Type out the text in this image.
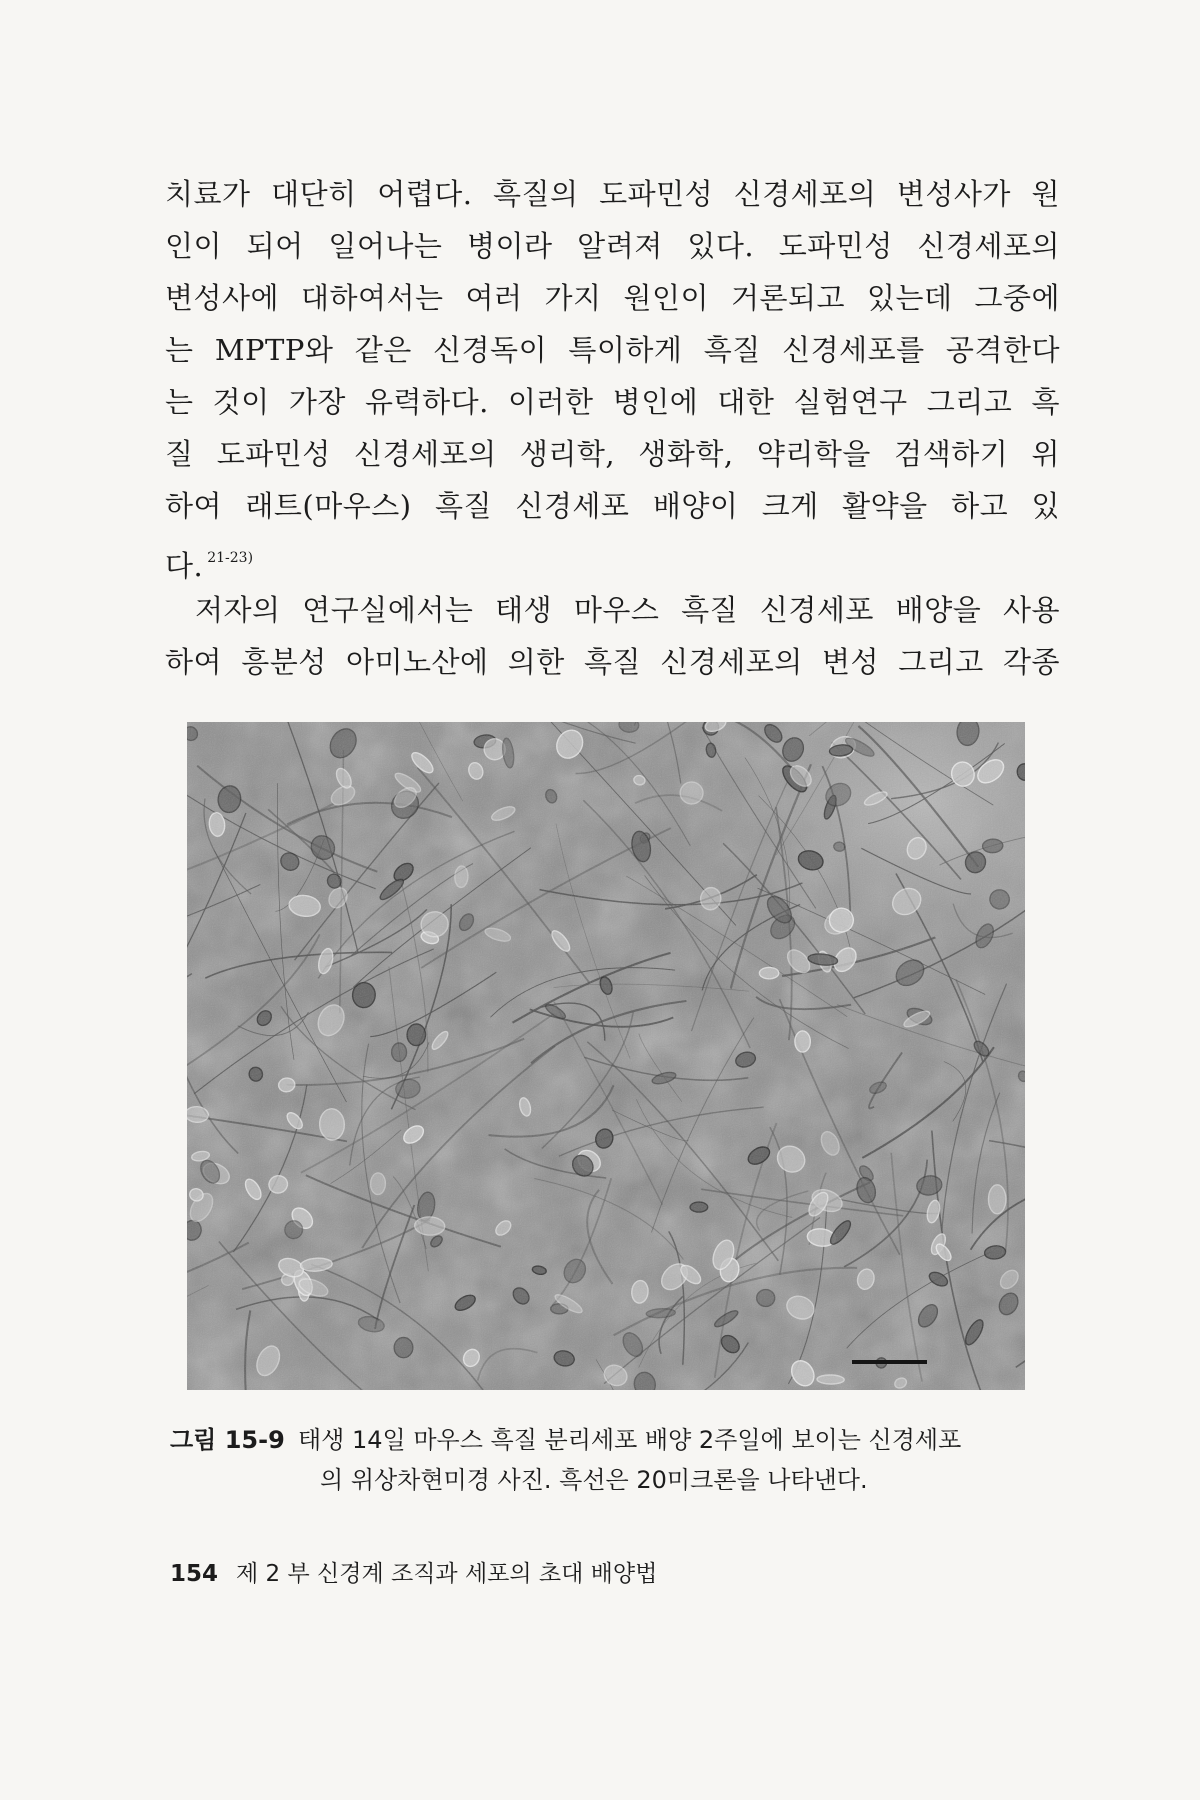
치료가 대단히 어렵다. 흑질의 도파민성 신경세포의 변성사가 원
인이 되어 일어나는 병이라 알려져 있다. 도파민성 신경세포의
변성사에 대하여서는 여러 가지 원인이 거론되고 있는데 그중에
는 MPTP와 같은 신경독이 특이하게 흑질 신경세포를 공격한다
는 것이 가장 유력하다. 이러한 병인에 대한 실험연구 그리고 흑
질 도파민성 신경세포의 생리학, 생화학, 약리학을 검색하기 위
하여 래트(마우스) 흑질 신경세포 배양이 크게 활약을 하고 있
다. $^{21-23)}$
저자의 연구실에서는 태생 마우스 흑질 신경세포 배양을 사용
하여 흥분성 아미노산에 의한 흑질 신경세포의 변성 그리고 각종
그림 15-9 태생 14일 마우스 흑질 분리세포 배양 2주일에 보이는 신경세포
의 위상차현미경 사진. 흑선은 20미크론을 나타낸다.
154 제 2 부 신경계 조직과 세포의 초대 배양법
